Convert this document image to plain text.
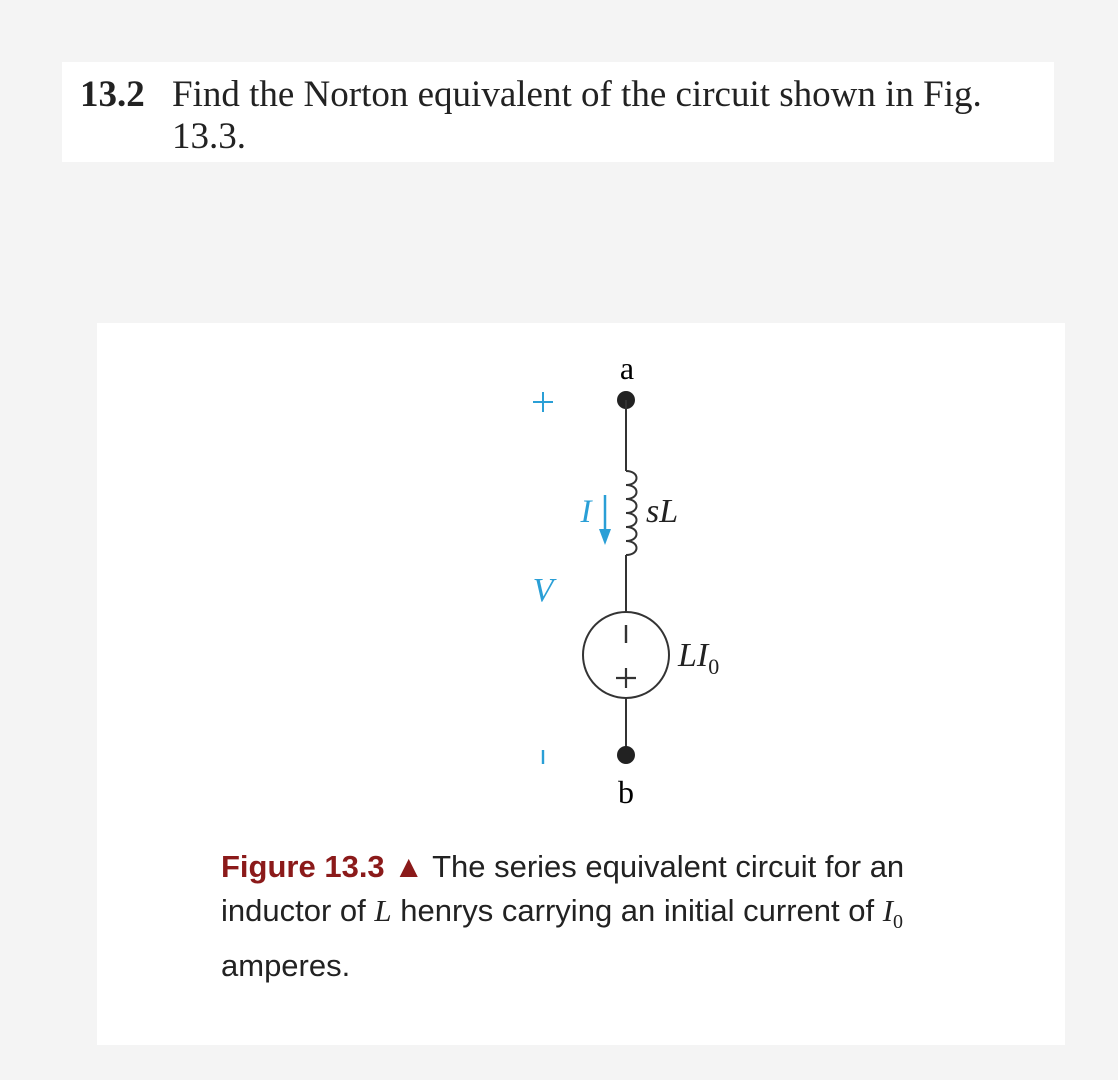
13.2 Find the Norton equivalent of the circuit shown in Fig. 13.3.
a
b
V
I sL
$LI_0$
Figure 13.3 ▲ The series equivalent circuit for an inductor of L henrys carrying an initial current of $I_0$ amperes.
